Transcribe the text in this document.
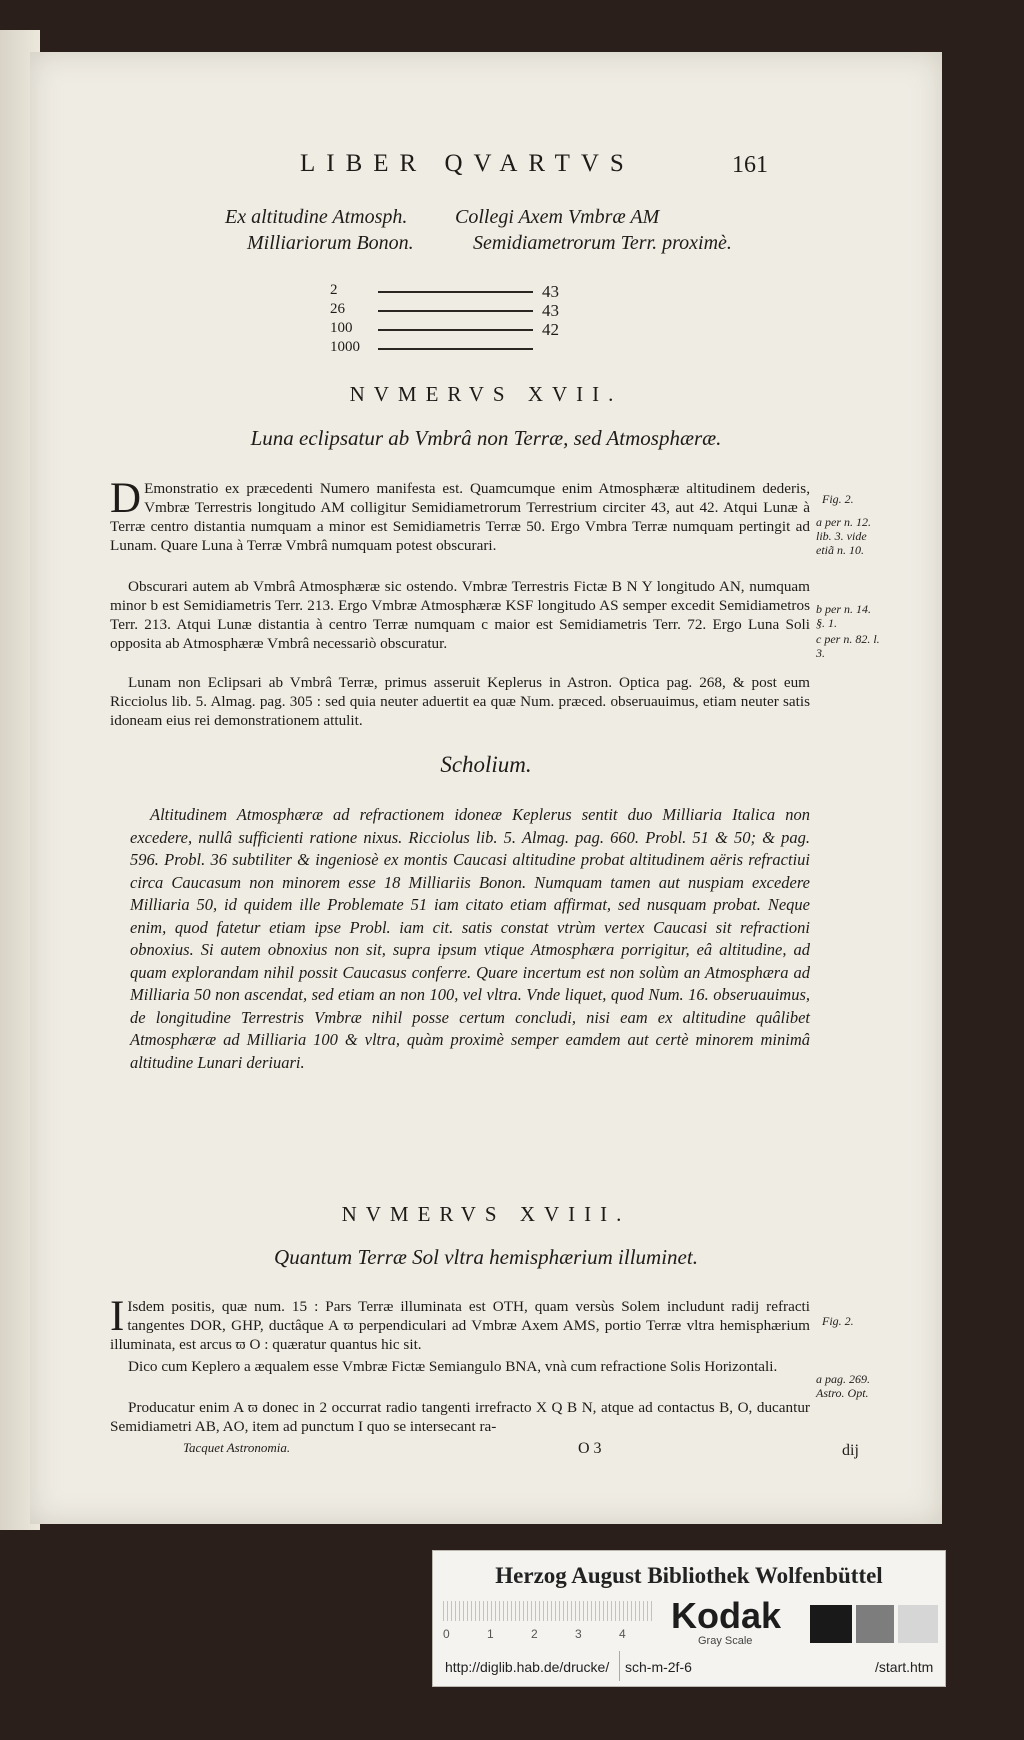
LIBER QVARTVS	161
Ex altitudine Atmosph.
Milliariorum Bonon.
Collegi Axem Vmbræ AM
Semidiametrorum Terr. proximè.
2	43
26	43
100	42
1000
NVMERVS XVII.
Luna eclipsatur ab Vmbrâ non Terræ, sed Atmosphæræ.
D Emonstratio ex præcedenti Numero manifesta est. Quamcumque enim Atmosphæræ altitudinem dederis, Vmbræ Terrestris longitudo AM colligitur Semidiametrorum Terrestrium circiter 43, aut 42. Atqui Lunæ à Terræ centro distantia numquam a minor est Semidiametris Terræ 50. Ergo Vmbra Terræ numquam pertingit ad Lunam. Quare Luna à Terræ Vmbrâ numquam potest obscurari.
Obscurari autem ab Vmbrâ Atmosphæræ sic ostendo. Vmbræ Terrestris Fictæ B N Y longitudo AN, numquam minor b est Semidiametris Terr. 213. Ergo Vmbræ Atmosphæræ KSF longitudo AS semper excedit Semidiametros Terr. 213. Atqui Lunæ distantia à centro Terræ numquam c maior est Semidiametris Terr. 72. Ergo Luna Soli opposita ab Atmosphæræ Vmbrâ necessariò obscuratur.
Lunam non Eclipsari ab Vmbrâ Terræ, primus asseruit Keplerus in Astron. Optica pag. 268, & post eum Ricciolus lib. 5. Almag. pag. 305 : sed quia neuter aduertit ea quæ Num. præced. obseruauimus, etiam neuter satis idoneam eius rei demonstrationem attulit.
Fig. 2.
a per n. 12. lib. 3. vide etiã n. 10.
b per n. 14. §. 1.
c per n. 82. l. 3.
Scholium.
Altitudinem Atmosphæræ ad refractionem idoneæ Keplerus sentit duo Milliaria Italica non excedere, nullâ sufficienti ratione nixus. Ricciolus lib. 5. Almag. pag. 660. Probl. 51 & 50; & pag. 596. Probl. 36 subtiliter & ingeniosè ex montis Caucasi altitudine probat altitudinem aëris refractiui circa Caucasum non minorem esse 18 Milliariis Bonon. Numquam tamen aut nuspiam excedere Milliaria 50, id quidem ille Problemate 51 iam citato etiam affirmat, sed nusquam probat. Neque enim, quod fatetur etiam ipse Probl. iam cit. satis constat vtrùm vertex Caucasi sit refractioni obnoxius. Si autem obnoxius non sit, supra ipsum vtique Atmosphæra porrigitur, eâ altitudine, ad quam explorandam nihil possit Caucasus conferre. Quare incertum est non solùm an Atmosphæra ad Milliaria 50 non ascendat, sed etiam an non 100, vel vltra. Vnde liquet, quod Num. 16. obseruauimus, de longitudine Terrestris Vmbræ nihil posse certum concludi, nisi eam ex altitudine quâlibet Atmosphæræ ad Milliaria 100 & vltra, quàm proximè semper eamdem aut certè minorem minimâ altitudine Lunari deriuari.
NVMERVS XVIII.
Quantum Terræ Sol vltra hemisphærium illuminet.
I Isdem positis, quæ num. 15 : Pars Terræ illuminata est OTH, quam versùs Solem includunt radij refracti tangentes DOR, GHP, ductâque A ϖ perpendiculari ad Vmbræ Axem AMS, portio Terræ vltra hemisphærium illuminata, est arcus ϖ O : quæratur quantus hic sit.
Dico cum Keplero a æqualem esse Vmbræ Fictæ Semiangulo BNA, vnà cum refractione Solis Horizontali.
Producatur enim A ϖ donec in 2 occurrat radio tangenti irrefracto X Q B N, atque ad contactus B, O, ducantur Semidiametri AB, AO, item ad punctum I quo se intersecant ra-
Fig. 2.
a pag. 269. Astro. Opt.
Tacquet Astronomia.	O 3	dij
Herzog August Bibliothek Wolfenbüttel
0	1	2	3	4 Kodak
Gray Scale
http://diglib.hab.de/drucke/ sch-m-2f-6	/start.htm
